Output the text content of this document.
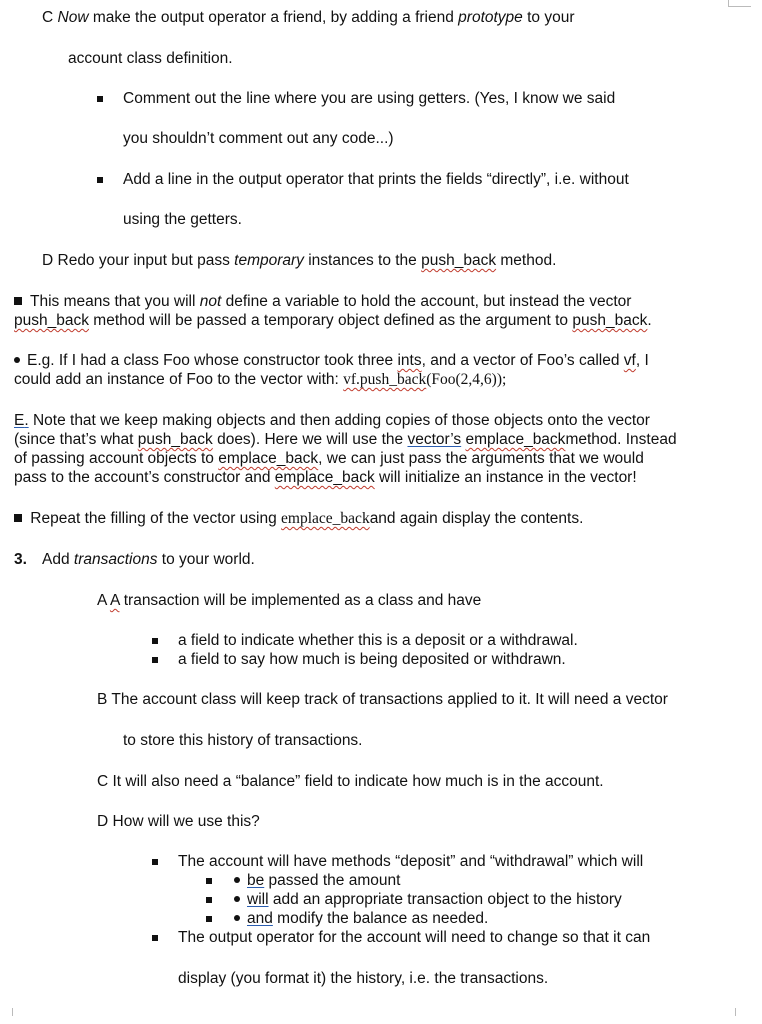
C Now make the output operator a friend, by adding a friend prototype to your
account class definition.
Comment out the line where you are using getters. (Yes, I know we said
you shouldn’t comment out any code...)
Add a line in the output operator that prints the fields “directly”, i.e. without
using the getters.
D Redo your input but pass temporary instances to the push_back method.
This means that you will not define a variable to hold the account, but instead the vector
push_back method will be passed a temporary object defined as the argument to push_back.
E.g. If I had a class Foo whose constructor took three ints, and a vector of Foo’s called vf, I
could add an instance of Foo to the vector with: vf.push_back(Foo(2,4,6));
E. Note that we keep making objects and then adding copies of those objects onto the vector
(since that’s what push_back does). Here we will use the vector’s emplace_backmethod. Instead
of passing account objects to emplace_back, we can just pass the arguments that we would
pass to the account’s constructor and emplace_back will initialize an instance in the vector!
Repeat the filling of the vector using emplace_backand again display the contents.
3. Add transactions to your world.
A A transaction will be implemented as a class and have
a field to indicate whether this is a deposit or a withdrawal.
a field to say how much is being deposited or withdrawn.
B The account class will keep track of transactions applied to it. It will need a vector
to store this history of transactions.
C It will also need a “balance” field to indicate how much is in the account.
D How will we use this?
The account will have methods “deposit” and “withdrawal” which will
be passed the amount
will add an appropriate transaction object to the history
and modify the balance as needed.
The output operator for the account will need to change so that it can
display (you format it) the history, i.e. the transactions.
